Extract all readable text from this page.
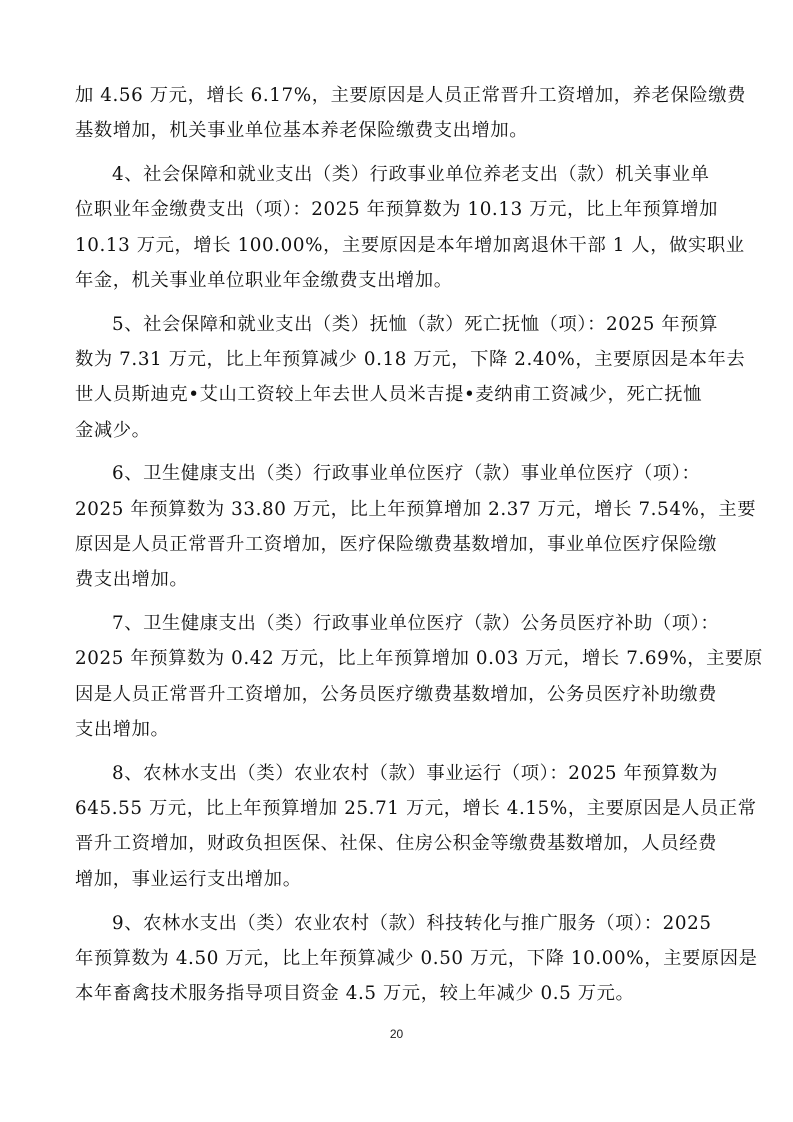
加 4.56 万元，增长 6.17%，主要原因是人员正常晋升工资增加，养老保险缴费
基数增加，机关事业单位基本养老保险缴费支出增加。

4、社会保障和就业支出（类）行政事业单位养老支出（款）机关事业单
位职业年金缴费支出（项）：2025 年预算数为 10.13 万元，比上年预算增加
10.13 万元，增长 100.00%，主要原因是本年增加离退休干部 1 人，做实职业
年金，机关事业单位职业年金缴费支出增加。

5、社会保障和就业支出（类）抚恤（款）死亡抚恤（项）：2025 年预算
数为 7.31 万元，比上年预算减少 0.18 万元，下降 2.40%，主要原因是本年去
世人员斯迪克•艾山工资较上年去世人员米吉提•麦纳甫工资减少，死亡抚恤
金减少。

6、卫生健康支出（类）行政事业单位医疗（款）事业单位医疗（项）：
2025 年预算数为 33.80 万元，比上年预算增加 2.37 万元，增长 7.54%，主要
原因是人员正常晋升工资增加，医疗保险缴费基数增加，事业单位医疗保险缴
费支出增加。

7、卫生健康支出（类）行政事业单位医疗（款）公务员医疗补助（项）：
2025 年预算数为 0.42 万元，比上年预算增加 0.03 万元，增长 7.69%，主要原
因是人员正常晋升工资增加，公务员医疗缴费基数增加，公务员医疗补助缴费
支出增加。

8、农林水支出（类）农业农村（款）事业运行（项）：2025 年预算数为
645.55 万元，比上年预算增加 25.71 万元，增长 4.15%，主要原因是人员正常
晋升工资增加，财政负担医保、社保、住房公积金等缴费基数增加，人员经费
增加，事业运行支出增加。

9、农林水支出（类）农业农村（款）科技转化与推广服务（项）：2025
年预算数为 4.50 万元，比上年预算减少 0.50 万元，下降 10.00%，主要原因是
本年畜禽技术服务指导项目资金 4.5 万元，较上年减少 0.5 万元。

20
